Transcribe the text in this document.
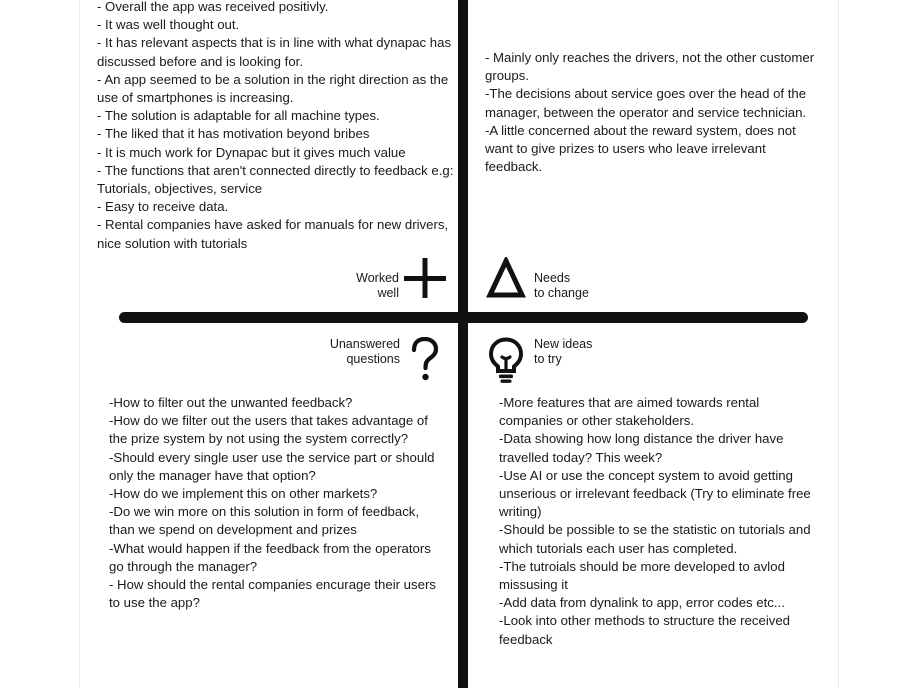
- Overall the app was received positivly.
- It was well thought out.
- It has relevant aspects that is in line with what dynapac has discussed before and is looking for.
- An app seemed to be a solution in the right direction as the use of smartphones is increasing.
- The solution is adaptable for all machine types.
- The liked that it has motivation beyond bribes
- It is much work for Dynapac but it gives much value
- The functions that aren't connected directly to feedback e.g: Tutorials, objectives, service
- Easy to receive data.
- Rental companies have asked for manuals for new drivers, nice solution with tutorials
Worked
well
- Mainly only reaches the drivers, not the other customer groups.
-The decisions about service goes over the head of the manager, between the operator and service technician.
-A little concerned about the reward system, does not want to give prizes to users who leave irrelevant feedback.
Needs
to change
Unanswered
questions
-How to filter out the unwanted feedback?
-How do we filter out the users that takes advantage of the prize system by not using the system correctly?
-Should every single user use the service part or should only the manager have that option?
-How do we implement this on other markets?
-Do we win more on this solution in form of feedback, than we spend on development and prizes
-What would happen if the feedback from the operators go through the manager?
- How should the rental companies encurage their users to use the app?
New ideas
to try
-More features that are aimed towards rental companies or other stakeholders.
-Data showing how long distance the driver have travelled today? This week?
-Use AI or use the concept system to avoid getting unserious or irrelevant feedback (Try to eliminate free writing)
-Should be possible to se the statistic on tutorials and which tutorials each user has completed.
-The tutroials should be more developed to avlod missusing it
-Add data from dynalink to app, error codes etc...
-Look into other methods to structure the received feedback
